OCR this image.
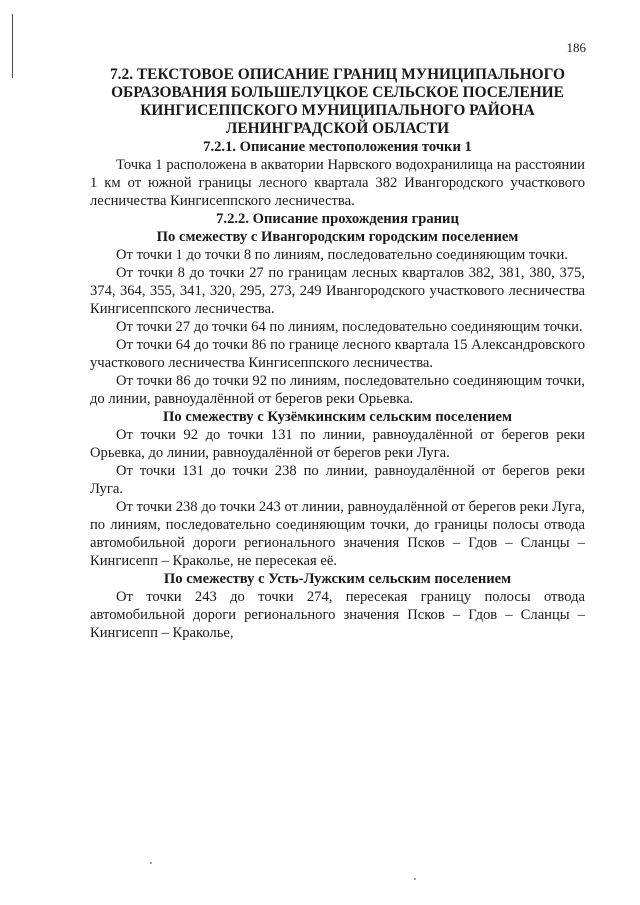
186
7.2. ТЕКСТОВОЕ ОПИСАНИЕ ГРАНИЦ МУНИЦИПАЛЬНОГО ОБРАЗОВАНИЯ БОЛЬШЕЛУЦКОЕ СЕЛЬСКОЕ ПОСЕЛЕНИЕ КИНГИСЕППСКОГО МУНИЦИПАЛЬНОГО РАЙОНА ЛЕНИНГРАДСКОЙ ОБЛАСТИ
7.2.1. Описание местоположения точки 1

Точка 1 расположена в акватории Нарвского водохранилища на расстоянии 1 км от южной границы лесного квартала 382 Ивангородского участкового лесничества Кингисеппского лесничества.

7.2.2. Описание прохождения границ
По смежеству с Ивангородским городским поселением

От точки 1 до точки 8 по линиям, последовательно соединяющим точки.

От точки 8 до точки 27 по границам лесных кварталов 382, 381, 380, 375, 374, 364, 355, 341, 320, 295, 273, 249 Ивангородского участкового лесничества Кингисеппского лесничества.

От точки 27 до точки 64 по линиям, последовательно соединяющим точки.

От точки 64 до точки 86 по границе лесного квартала 15 Александровского участкового лесничества Кингисеппского лесничества.

От точки 86 до точки 92 по линиям, последовательно соединяющим точки, до линии, равноудалённой от берегов реки Орьевка.

По смежеству с Кузёмкинским сельским поселением

От точки 92 до точки 131 по линии, равноудалённой от берегов реки Орьевка, до линии, равноудалённой от берегов реки Луга.

От точки 131 до точки 238 по линии, равноудалённой от берегов реки Луга.

От точки 238 до точки 243 от линии, равноудалённой от берегов реки Луга, по линиям, последовательно соединяющим точки, до границы полосы отвода автомобильной дороги регионального значения Псков – Гдов – Сланцы – Кингисепп – Краколье, не пересекая её.

По смежеству с Усть-Лужским сельским поселением

От точки 243 до точки 274, пересекая границу полосы отвода автомобильной дороги регионального значения Псков – Гдов – Сланцы – Кингисепп – Краколье,
